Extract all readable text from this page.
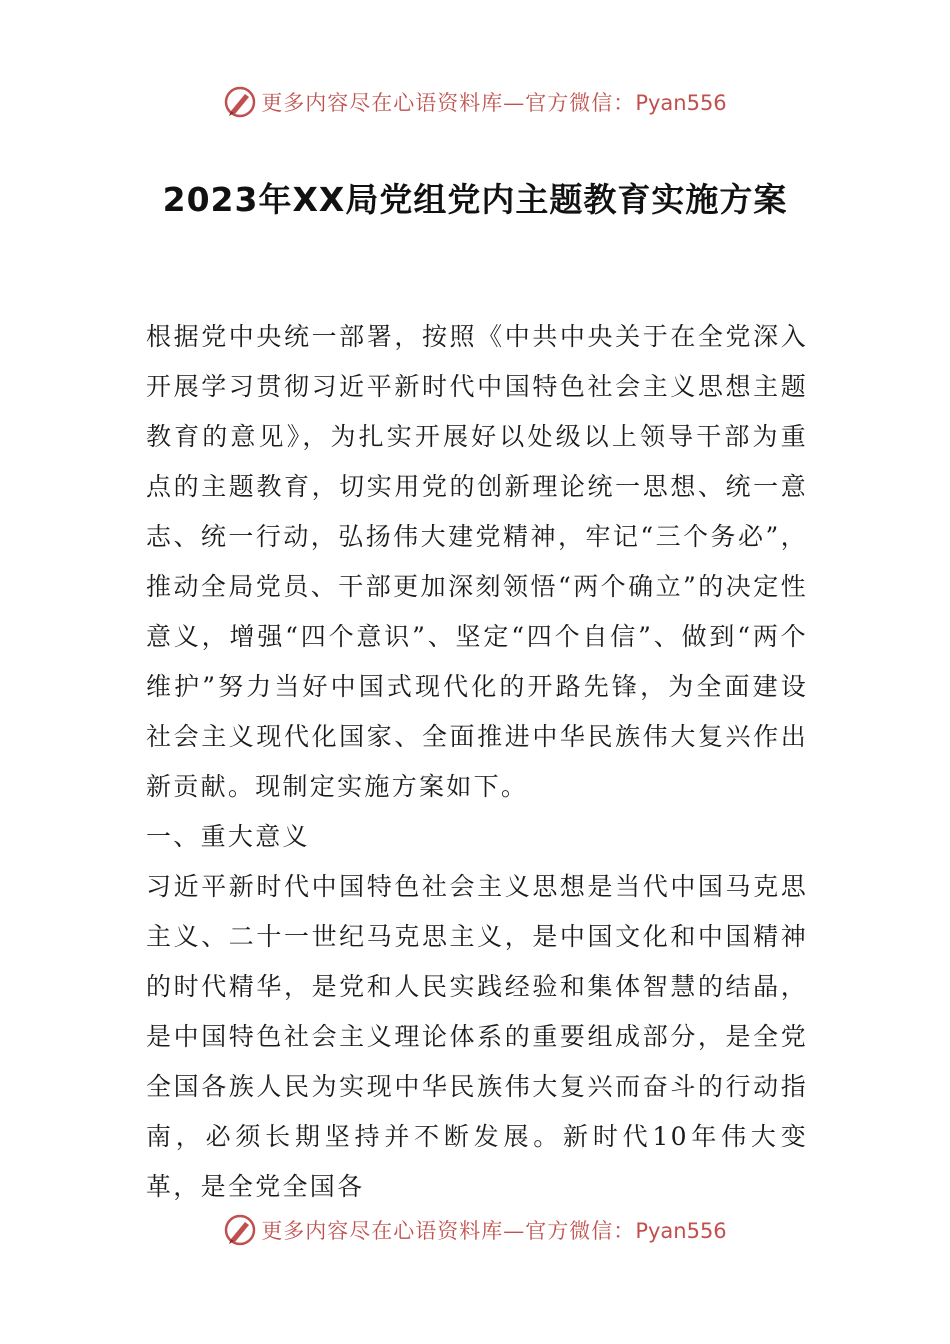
更多内容尽在心语资料库—官方微信：Pyan556
2023年XX局党组党内主题教育实施方案

根据党中央统一部署，按照《中共中央关于在全党深入开展学习贯彻习近平新时代中国特色社会主义思想主题教育的意见》，为扎实开展好以处级以上领导干部为重点的主题教育，切实用党的创新理论统一思想、统一意志、统一行动，弘扬伟大建党精神，牢记“三个务必”，推动全局党员、干部更加深刻领悟“两个确立”的决定性意义，增强“四个意识”、坚定“四个自信”、做到“两个维护”努力当好中国式现代化的开路先锋，为全面建设社会主义现代化国家、全面推进中华民族伟大复兴作出新贡献。现制定实施方案如下。

一、重大意义

习近平新时代中国特色社会主义思想是当代中国马克思主义、二十一世纪马克思主义，是中国文化和中国精神的时代精华，是党和人民实践经验和集体智慧的结晶，是中国特色社会主义理论体系的重要组成部分，是全党全国各族人民为实现中华民族伟大复兴而奋斗的行动指南，必须长期坚持并不断发展。新时代10年伟大变革，是全党全国各

更多内容尽在心语资料库—官方微信：Pyan556
